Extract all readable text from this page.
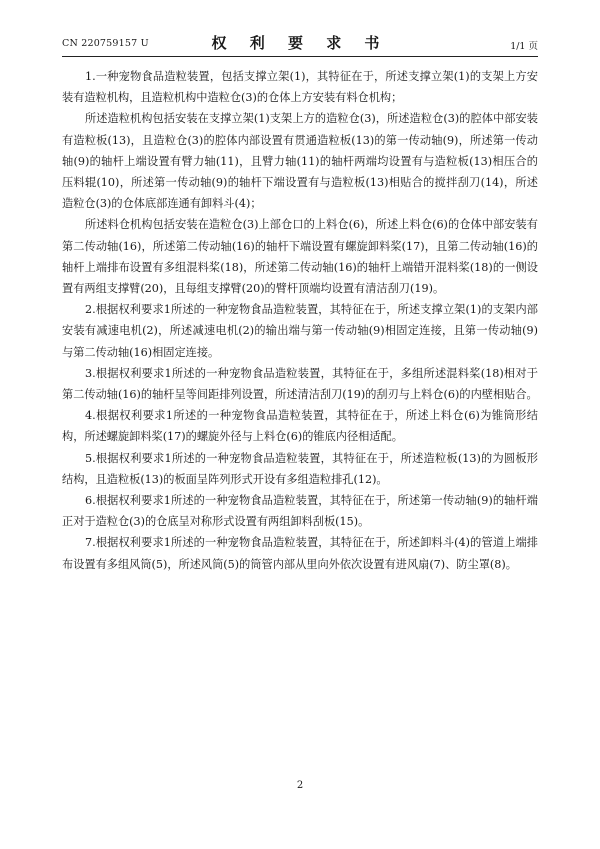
CN 220759157 U	权 利 要 求 书	1/1 页

1.一种宠物食品造粒装置，包括支撑立架(1)，其特征在于，所述支撑立架(1)的支架上方安装有造粒机构，且造粒机构中造粒仓(3)的仓体上方安装有料仓机构；

所述造粒机构包括安装在支撑立架(1)支架上方的造粒仓(3)，所述造粒仓(3)的腔体中部安装有造粒板(13)，且造粒仓(3)的腔体内部设置有贯通造粒板(13)的第一传动轴(9)，所述第一传动轴(9)的轴杆上端设置有臂力轴(11)，且臂力轴(11)的轴杆两端均设置有与造粒板(13)相压合的压料辊(10)，所述第一传动轴(9)的轴杆下端设置有与造粒板(13)相贴合的搅拌刮刀(14)，所述造粒仓(3)的仓体底部连通有卸料斗(4)；

所述料仓机构包括安装在造粒仓(3)上部仓口的上料仓(6)，所述上料仓(6)的仓体中部安装有第二传动轴(16)，所述第二传动轴(16)的轴杆下端设置有螺旋卸料桨(17)，且第二传动轴(16)的轴杆上端排布设置有多组混料桨(18)，所述第二传动轴(16)的轴杆上端错开混料桨(18)的一侧设置有两组支撑臂(20)，且每组支撑臂(20)的臂杆顶端均设置有清洁刮刀(19)。

2.根据权利要求1所述的一种宠物食品造粒装置，其特征在于，所述支撑立架(1)的支架内部安装有减速电机(2)，所述减速电机(2)的输出端与第一传动轴(9)相固定连接，且第一传动轴(9)与第二传动轴(16)相固定连接。

3.根据权利要求1所述的一种宠物食品造粒装置，其特征在于，多组所述混料桨(18)相对于第二传动轴(16)的轴杆呈等间距排列设置，所述清洁刮刀(19)的刮刃与上料仓(6)的内壁相贴合。

4.根据权利要求1所述的一种宠物食品造粒装置，其特征在于，所述上料仓(6)为锥筒形结构，所述螺旋卸料桨(17)的螺旋外径与上料仓(6)的锥底内径相适配。

5.根据权利要求1所述的一种宠物食品造粒装置，其特征在于，所述造粒板(13)的为圆板形结构，且造粒板(13)的板面呈阵列形式开设有多组造粒排孔(12)。

6.根据权利要求1所述的一种宠物食品造粒装置，其特征在于，所述第一传动轴(9)的轴杆端正对于造粒仓(3)的仓底呈对称形式设置有两组卸料刮板(15)。

7.根据权利要求1所述的一种宠物食品造粒装置，其特征在于，所述卸料斗(4)的管道上端排布设置有多组风筒(5)，所述风筒(5)的筒管内部从里向外依次设置有进风扇(7)、防尘罩(8)。

2
